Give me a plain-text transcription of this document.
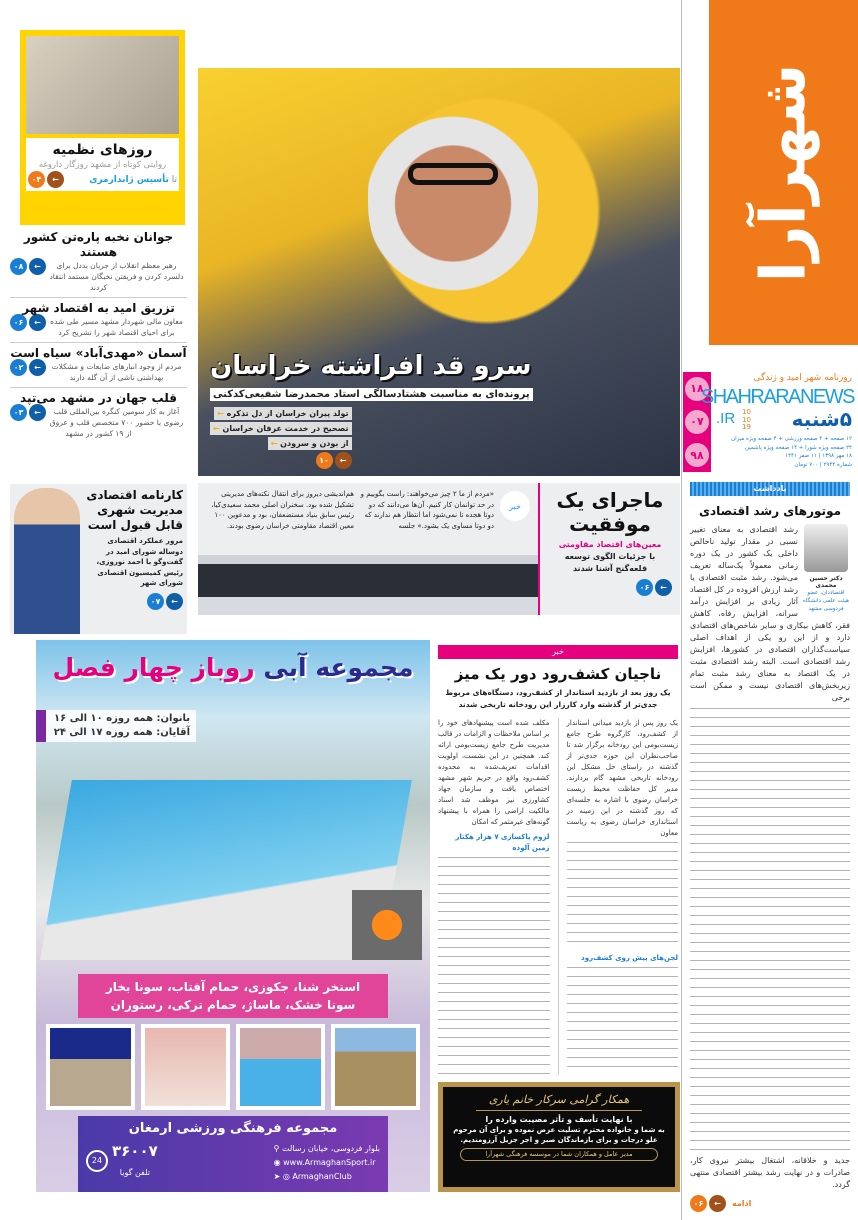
شهرآرا
۱۸
۰۷
۹۸
روزنامه شهر امید و زندگی
SHAHRARANEWS
.IR 10
10
19 ۵شنبه
۱۲ صفحه + ۴ صفحه ورزشی + ۴ صفحه ویژه میزان
۲۴ صفحه ویژه شورا + ۱۴ صفحه ویژه پاشمین
۱۸ مهر ۱۳۹۸ | ۱۱ صفر ۱۴۴۱
شماره ۲۹۴۴ | ۷۰۰ تومان
یادداشت
موتورهای رشد اقتصادی
دکتر حسین محمدی
اقتصاددان، عضو هیئت علمی دانشگاه فردوسی مشهد
رشد اقتصادی به معنای تغییر نسبی در مقدار تولید ناخالص داخلی یک کشور در یک دوره زمانی معمولاً یک‌ساله تعریف می‌شود. رشد مثبت اقتصادی یا رشد ارزش افزوده در کل اقتصاد آثار زیادی بر افزایش درآمد سرانه، افزایش رفاه، کاهش فقر، کاهش بیکاری و سایر شاخص‌های اقتصادی دارد و از این رو یکی از اهداف اصلی سیاست‌گذاران اقتصادی در کشورها، افزایش رشد اقتصادی است. البته رشد اقتصادی مثبت در یک اقتصاد به معنای رشد مثبت تمام زیربخش‌های اقتصادی نیست و ممکن است برخی
جدید و خلاقانه، اشتغال بیشتر نیروی کار، صادرات و در نهایت رشد بیشتر اقتصادی منتهی گردد.
۰۶	←	ادامه
روزهای نظمیه
روایتی کوتاه از مشهد روزگار داروغه
تا تأسیس ژاندارمری
۰۴	←
جوانان نخبه پاره‌تن کشور هستند
۰۸	←	رهبر معظم انقلاب از جریان بددل برای دلسرد کردن و فریفتن نخبگان مستمد انتقاد کردند
تزریق امید به اقتصاد شهر
۰۶	←	معاون مالی شهردار مشهد مسیر طی شده برای احیای اقتصاد شهر را تشریح کرد
آسمان «مهدی‌آباد» سیاه است
۰۲	←	مردم از وجود انبارهای ضایعات و مشکلات بهداشتی ناشی از آن گله دارند
قلب جهان در مشهد می‌تپد
۰۳	←	آغاز به کار سومین کنگره بین‌المللی قلب رضوی با حضور ۷۰۰ متخصص قلب و عروق از ۱۹ کشور در مشهد
کارنامه اقتصادی مدیریت شهری قابل قبول است
مرور عملکرد اقتصادی دوساله شورای امید در گفت‌وگو با احمد نوروزی، رئیس کمیسیون اقتصادی شورای شهر
۰۷	←
سرو قد افراشته خراسان
پرونده‌ای به مناسبت هشتادسالگی استاد محمدرضا شفیعی‌کدکنی
تولد پیران خراسان از دل تذکره ←
تصحیح در خدمت عرفان خراسان ←
از بودن و سرودن ←
۱۰	←
ماجرای یک موفقیت
معین‌های اقتصاد مقاومتی
با جزئیات الگوی توسعه قلعه‌گنج آشنا شدند
۰۶	←
خبر
«مردم از ما ۲ چیز می‌خواهند: راست بگوییم و در حد توانمان کار کنیم. آن‌ها می‌دانند که دو دوتا هجده تا نمی‌شود اما انتظار هم ندارند که دو دوتا مساوی یک بشود.» جلسه
هم‌اندیشی دیروز برای انتقال نکته‌های مدیریتی تشکیل شده بود. سخنران اصلی محمد سعیدی‌کیا، رئیس سابق بنیاد مستضعفان، بود و مدعوین ۱۰۰ معین اقتصاد مقاومتی خراسان رضوی بودند.
مجموعه آبی روباز چهار فصل
بانوان: همه روزه ۱۰ الی ۱۶
آقایان: همه روزه ۱۷ الی ۲۴
استخر شنا، جکوزی، حمام آفتاب، سونا بخار
سونا خشک، ماساژ، حمام ترکی، رستوران
مجموعه فرهنگی ورزشی ارمغان
بلوار فردوسی، خیابان رسالت ⚲
◉ www.ArmaghanSport.ir
➤ ◎ ArmaghanClub
24
۳۶۰۰۷
تلفن گویا
خبر
ناجیان کشف‌رود دور یک میز
یک روز بعد از بازدید استاندار از کشف‌رود، دستگاه‌های مربوط جدی‌تر از گذشته وارد کارزار این رودخانه تاریخی شدند
یک روز پس از بازدید میدانی استاندار از کشف‌رود، کارگروه طرح جامع زیست‌بومی این رودخانه برگزار شد تا صاحب‌نظران این حوزه جدی‌تر از گذشته در راستای حل مشکل این رودخانه تاریخی مشهد گام بردارند. مدیر کل حفاظت محیط زیست خراسان رضوی با اشاره به جلسه‌ای که روز گذشته در این زمینه در استانداری خراسان رضوی به ریاست معاون
لجن‌های پیش روی کشف‌رود
مکلف شده است پیشنهادهای خود را بر اساس ملاحظات و الزامات در قالب مدیریت طرح جامع زیست‌بومی ارائه کند. همچنین در این نشست، اولویت اقدامات تعریف‌شده به محدوده کشف‌رود واقع در حریم شهر مشهد اختصاص یافت و سازمان جهاد کشاورزی نیز موظف شد اسناد مالکیت اراضی را همراه با پیشنهاد گونه‌های غیرمثمر که امکان
لزوم پاکسازی ۷ هزار هکتار زمین آلوده
همکار گرامی سرکار خانم یاری
با نهایت تأسف و تأثر مصیبت وارده را
به شما و خانواده محترم تسلیت عرض نموده و برای آن مرحوم
علو درجات و برای بازماندگان صبر و اجر جزیل آرزومندیم.
مدیر عامل و همکاران شما در موسسه فرهنگی شهرآرا
